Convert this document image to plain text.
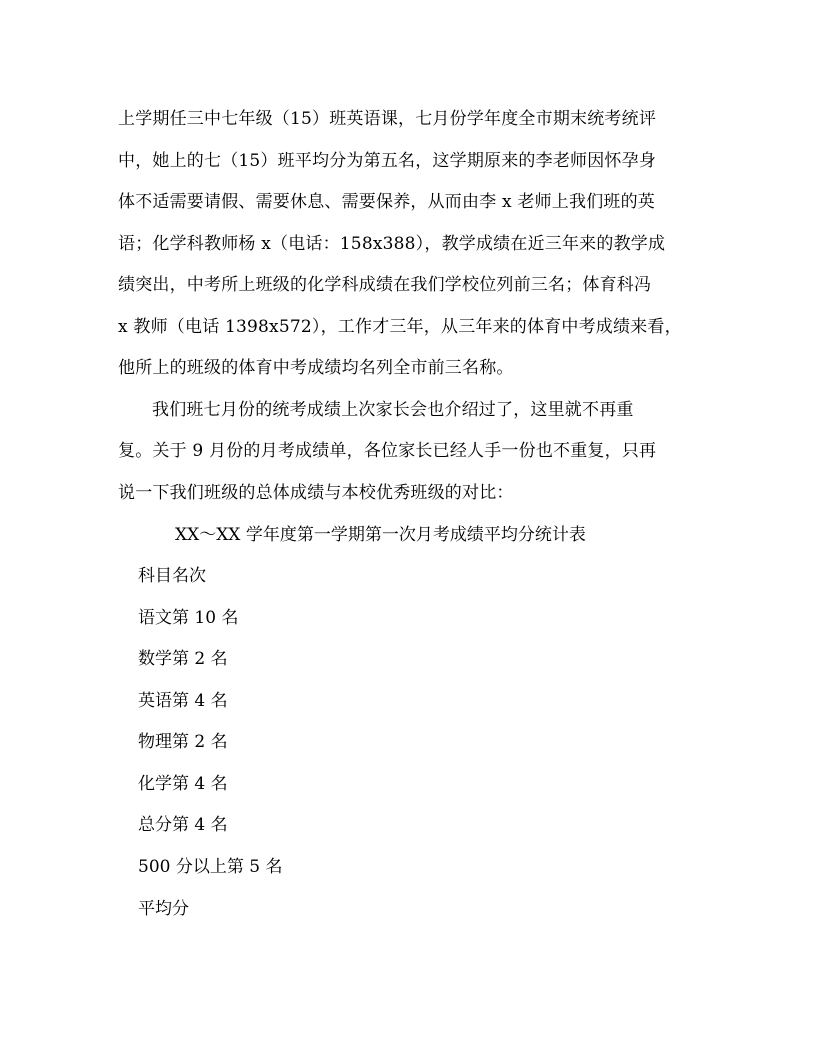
上学期任三中七年级（15）班英语课，七月份学年度全市期末统考统评
中，她上的七（15）班平均分为第五名，这学期原来的李老师因怀孕身
体不适需要请假、需要休息、需要保养，从而由李 x 老师上我们班的英
语；化学科教师杨 x（电话：158x388），教学成绩在近三年来的教学成
绩突出，中考所上班级的化学科成绩在我们学校位列前三名；体育科冯
x 教师（电话 1398x572），工作才三年，从三年来的体育中考成绩来看，
他所上的班级的体育中考成绩均名列全市前三名称。
我们班七月份的统考成绩上次家长会也介绍过了，这里就不再重
复。关于 9 月份的月考成绩单，各位家长已经人手一份也不重复，只再
说一下我们班级的总体成绩与本校优秀班级的对比：
XX～XX 学年度第一学期第一次月考成绩平均分统计表
科目名次
语文第 10 名
数学第 2 名
英语第 4 名
物理第 2 名
化学第 4 名
总分第 4 名
500 分以上第 5 名
平均分
